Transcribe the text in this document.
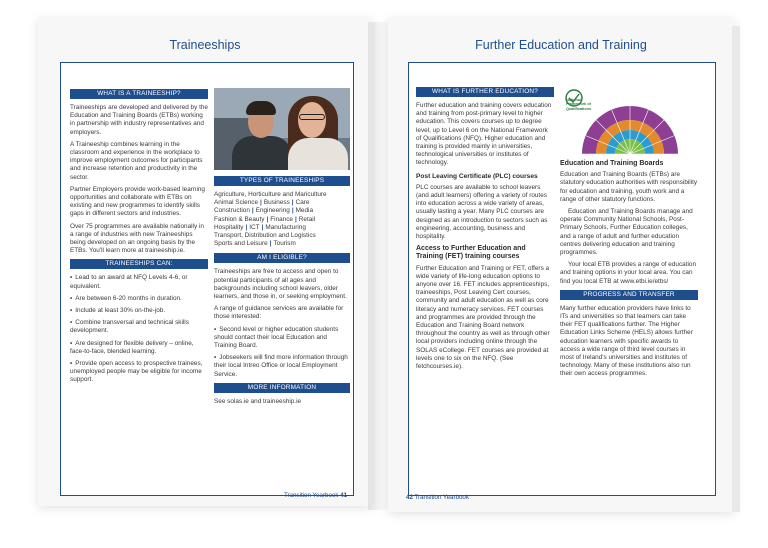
Traineeships
Transition Yearbook 41
Further Education and Training
42 Transition Yearbook
WHAT IS A TRAINEESHIP?

Traineeships are developed and delivered by the Education and Training Boards (ETBs) working in partnership with industry representatives and employers.

A Traineeship combines learning in the classroom and experience in the workplace to improve employment outcomes for participants and increase retention and productivity in the sector.

Partner Employers provide work-based learning opportunities and collaborate with ETBs on existing and new programmes to identify skills gaps in different sectors and industries.

Over 75 programmes are available nationally in a range of industries with new Traineeships being developed on an ongoing basis by the ETBs. You'll learn more at traineeship.ie.

TRAINEESHIPS CAN:
• Lead to an award at NFQ Levels 4-6, or equivalent.
• Are between 6-20 months in duration.
• Include at least 30% on-the-job.
• Combine transversal and technical skills development.
• Are designed for flexible delivery – online, face-to-face, blended learning.
• Provide open access to prospective trainees, unemployed people may be eligible for income support.
TYPES OF TRAINEESHIPS
Agriculture, Horticulture and Mariculture
Animal Science | Business | Care
Construction | Engineering | Media
Fashion & Beauty | Finance | Retail
Hospitality | ICT | Manufacturing
Transport, Distribution and Logistics
Sports and Leisure | Tourism
AM I ELIGIBLE?

Traineeships are free to access and open to potential participants of all ages and backgrounds including school leavers, older learners, and those in, or seeking employment.

A range of guidance services are available for those interested:

• Second level or higher education students should contact their local Education and Training Board.
• Jobseekers will find more information through their local Intreo Office or local Employment Service.
MORE INFORMATION

See solas.ie and traineeship.ie

WHAT IS FURTHER EDUCATION?

Further education and training covers education and training from post-primary level to higher education. This covers courses up to degree level, up to Level 6 on the National Framework of Qualifications (NFQ). Higher education and training is provided mainly in universities, technological universities or institutes of technology.

Post Leaving Certificate (PLC) courses

PLC courses are available to school leavers (and adult learners) offering a variety of routes into education across a wide variety of areas, usually lasting a year. Many PLC courses are designed as an introduction to sectors such as engineering, accounting, business and hospitality.

Access to Further Education and Training (FET) training courses

Further Education and Training or FET, offers a wide variety of life-long education options to anyone over 16. FET includes apprenticeships, traineeships, Post Leaving Cert courses, community and adult education as well as core literacy and numeracy services. FET courses and programmes are provided through the Education and Training Board network throughout the country as well as through other local providers including online through the SOLAS eCollege. FET courses are provided at levels one to six on the NFQ. (See fetchcourses.ie).

National Framework of Qualifications
Education and Training Boards

Education and Training Boards (ETBs) are statutory education authorities with responsibility for education and training, youth work and a range of other statutory functions.

Education and Training Boards manage and operate Community National Schools, Post-Primary Schools, Further Education colleges, and a range of adult and further education centres delivering education and training programmes.

Your local ETB provides a range of education and training options in your local area. You can find you local ETB at www.etbi.ie/etbs/

PROGRESS AND TRANSFER

Many further education providers have links to ITs and universities so that learners can take their FET qualifications further. The Higher Education Links Scheme (HELS) allows further education learners with specific awards to access a wide range of third level courses in most of Ireland's universities and institutes of technology. Many of these institutions also run their own access programmes.
